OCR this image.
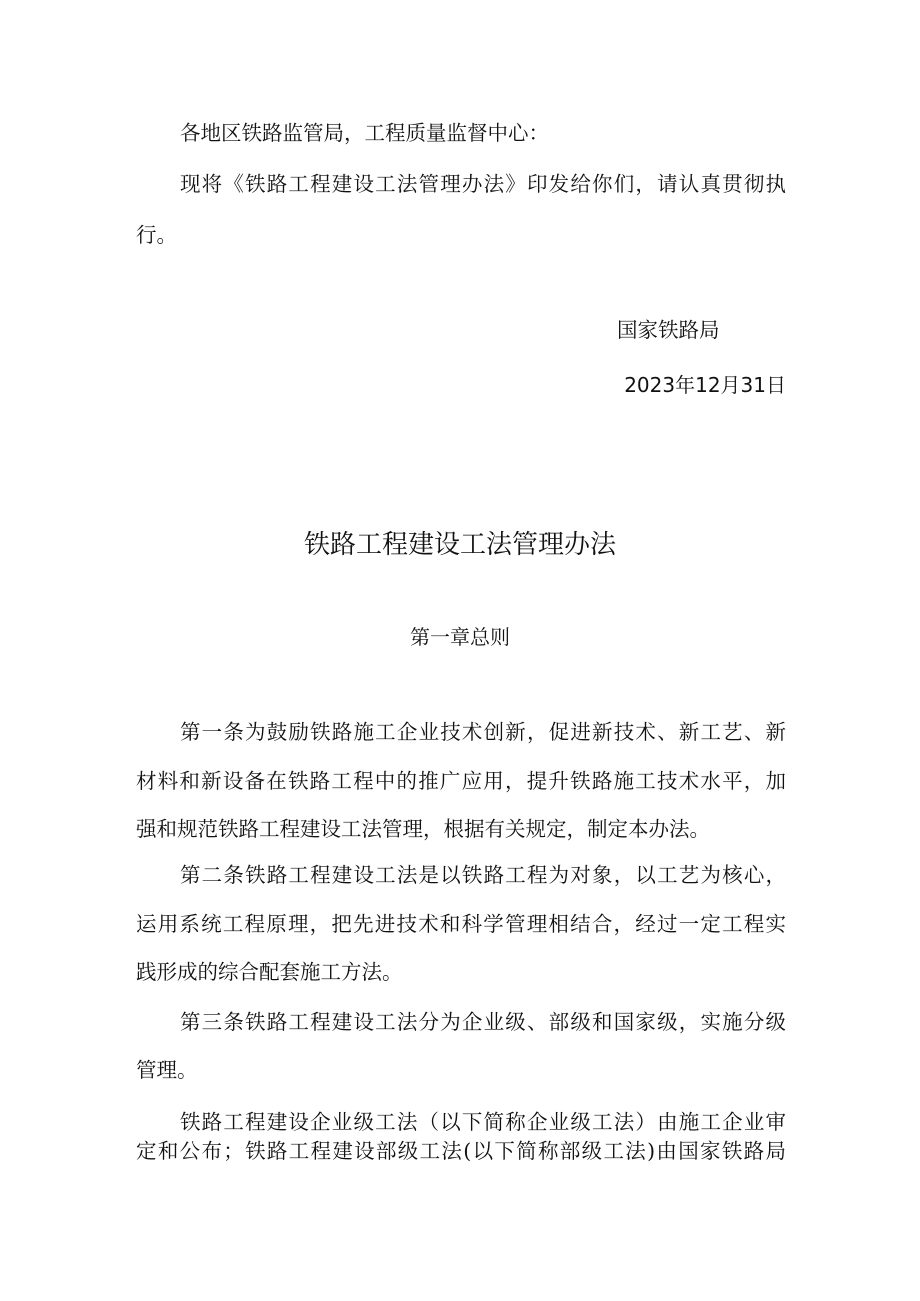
各地区铁路监管局，工程质量监督中心：
现将《铁路工程建设工法管理办法》印发给你们，请认真贯彻执
行。
国家铁路局
2023年12月31日
铁路工程建设工法管理办法
第一章总则
第一条为鼓励铁路施工企业技术创新，促进新技术、新工艺、新
材料和新设备在铁路工程中的推广应用，提升铁路施工技术水平，加
强和规范铁路工程建设工法管理，根据有关规定，制定本办法。
第二条铁路工程建设工法是以铁路工程为对象，以工艺为核心，
运用系统工程原理，把先进技术和科学管理相结合，经过一定工程实
践形成的综合配套施工方法。
第三条铁路工程建设工法分为企业级、部级和国家级，实施分级
管理。
铁路工程建设企业级工法（以下简称企业级工法）由施工企业审
定和公布；铁路工程建设部级工法(以下简称部级工法)由国家铁路局
